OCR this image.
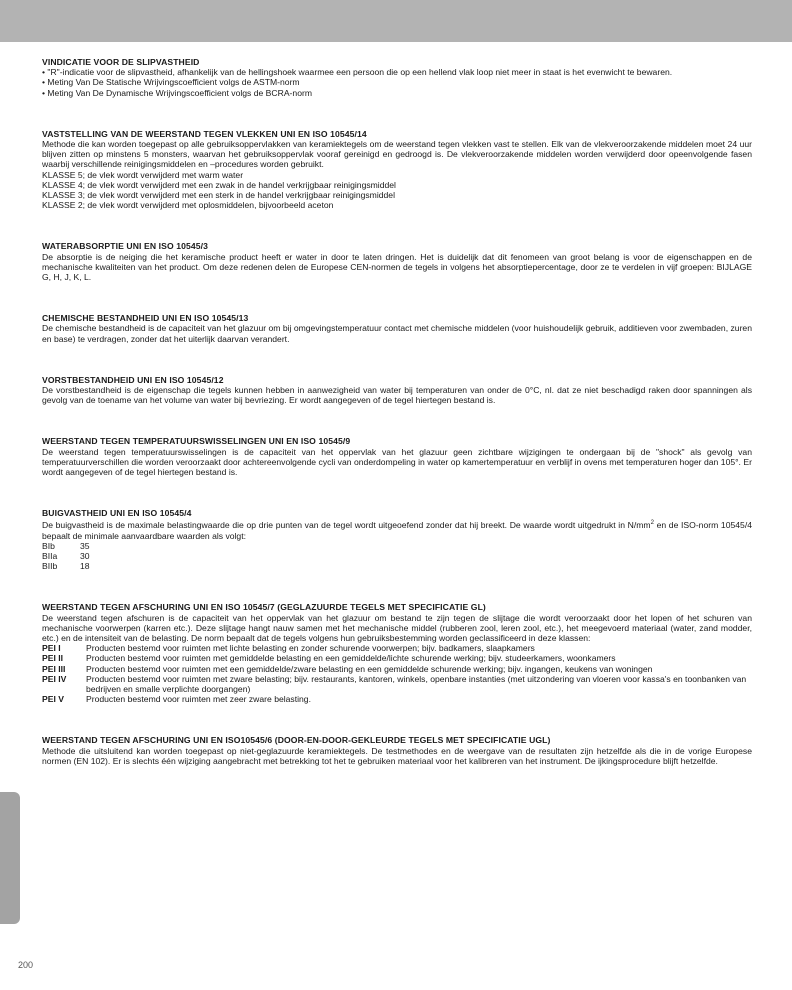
200
VINDICATIE VOOR DE SLIPVASTHEID
• "R"-indicatie voor de slipvastheid, afhankelijk van de hellingshoek waarmee een persoon die op een hellend vlak loop niet meer in staat is het evenwicht te bewaren.
• Meting Van De Statische Wrijvingscoefficient volgs de ASTM-norm
• Meting Van De Dynamische Wrijvingscoefficient volgs de BCRA-norm
VASTSTELLING VAN DE WEERSTAND TEGEN VLEKKEN UNI EN ISO 10545/14
Methode die kan worden toegepast op alle gebruiksoppervlakken van keramiektegels om de weerstand tegen vlekken vast te stellen. Elk van de vlekveroorzakende middelen moet 24 uur blijven zitten op minstens 5 monsters, waarvan het gebruiksoppervlak vooraf gereinigd en gedroogd is. De vlekveroorzakende middelen worden verwijderd door opeenvolgende fasen waarbij verschillende reinigingsmiddelen en –procedures worden gebruikt.
KLASSE 5; de vlek wordt verwijderd met warm water
KLASSE 4; de vlek wordt verwijderd met een zwak in de handel verkrijgbaar reinigingsmiddel
KLASSE 3; de vlek wordt verwijderd met een sterk in de handel verkrijgbaar reinigingsmiddel
KLASSE 2; de vlek wordt verwijderd met oplosmiddelen, bijvoorbeeld aceton
WATERABSORPTIE UNI EN ISO 10545/3
De absorptie is de neiging die het keramische product heeft er water in door te laten dringen. Het is duidelijk dat dit fenomeen van groot belang is voor de eigenschappen en de mechanische kwaliteiten van het product. Om deze redenen delen de Europese CEN-normen de tegels in volgens het absorptiepercentage, door ze te verdelen in vijf groepen: BIJLAGE G, H, J, K, L.
CHEMISCHE BESTANDHEID UNI EN ISO 10545/13
De chemische bestandheid is de capaciteit van het glazuur om bij omgevingstemperatuur contact met chemische middelen (voor huishoudelijk gebruik, additieven voor zwembaden, zuren en base) te verdragen, zonder dat het uiterlijk daarvan verandert.
VORSTBESTANDHEID UNI EN ISO 10545/12
De vorstbestandheid is de eigenschap die tegels kunnen hebben in aanwezigheid van water bij temperaturen van onder de 0°C, nl. dat ze niet beschadigd raken door spanningen als gevolg van de toename van het volume van water bij bevriezing. Er wordt aangegeven of de tegel hiertegen bestand is.
WEERSTAND TEGEN TEMPERATUURSWISSELINGEN UNI EN ISO 10545/9
De weerstand tegen temperatuurswisselingen is de capaciteit van het oppervlak van het glazuur geen zichtbare wijzigingen te ondergaan bij de "shock" als gevolg van temperatuurverschillen die worden veroorzaakt door achtereenvolgende cycli van onderdompeling in water op kamertemperatuur en verblijf in ovens met temperaturen hoger dan 105°. Er wordt aangegeven of de tegel hiertegen bestand is.
BUIGVASTHEID UNI EN ISO 10545/4
De buigvastheid is de maximale belastingwaarde die op drie punten van de tegel wordt uitgeoefend zonder dat hij breekt. De waarde wordt uitgedrukt in $N/mm^2$ en de ISO-norm 10545/4 bepaalt de minimale aanvaardbare waarden als volgt:
BIb	35
BIIa	30
BIIb	18
WEERSTAND TEGEN AFSCHURING UNI EN ISO 10545/7 (GEGLAZUURDE TEGELS MET SPECIFICATIE GL)
De weerstand tegen afschuren is de capaciteit van het oppervlak van het glazuur om bestand te zijn tegen de slijtage die wordt veroorzaakt door het lopen of het schuren van mechanische voorwerpen (karren etc.). Deze slijtage hangt nauw samen met het mechanische middel (rubberen zool, leren zool, etc.), het meegevoerd materiaal (water, zand modder, etc.) en de intensiteit van de belasting. De norm bepaalt dat de tegels volgens hun gebruiksbestemming worden geclassificeerd in deze klassen:
PEI I	Producten bestemd voor ruimten met lichte belasting en zonder schurende voorwerpen; bijv. badkamers, slaapkamers
PEI II	Producten bestemd voor ruimten met gemiddelde belasting en een gemiddelde/lichte schurende werking; bijv. studeerkamers, woonkamers
PEI III	Producten bestemd voor ruimten met een gemiddelde/zware belasting en een gemiddelde schurende werking; bijv. ingangen, keukens van woningen
PEI IV	Producten bestemd voor ruimten met zware belasting; bijv. restaurants, kantoren, winkels, openbare instanties (met uitzondering van vloeren voor kassa's en toonbanken van bedrijven en smalle verplichte doorgangen)
PEI V	Producten bestemd voor ruimten met zeer zware belasting.
WEERSTAND TEGEN AFSCHURING UNI EN ISO10545/6 (DOOR-EN-DOOR-GEKLEURDE TEGELS MET SPECIFICATIE UGL)
Methode die uitsluitend kan worden toegepast op niet-geglazuurde keramiektegels. De testmethodes en de weergave van de resultaten zijn hetzelfde als die in de vorige Europese normen (EN 102). Er is slechts één wijziging aangebracht met betrekking tot het te gebruiken materiaal voor het kalibreren van het instrument. De ijkingsprocedure blijft hetzelfde.
